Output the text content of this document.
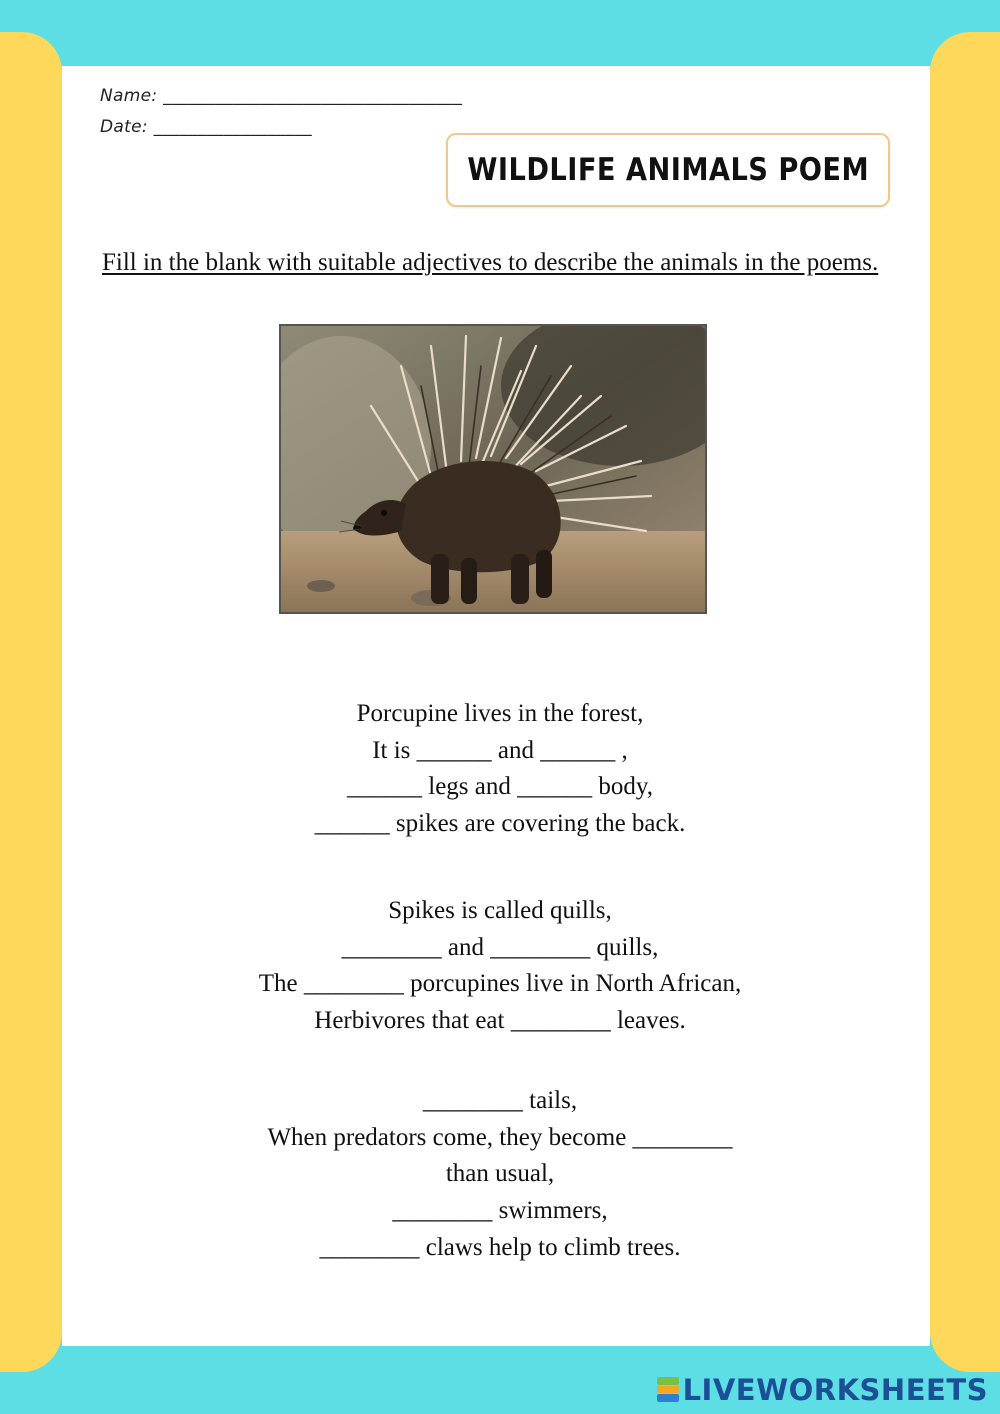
Name: __________________________________
Date: __________________
WILDLIFE ANIMALS POEM
Fill in the blank with suitable adjectives to describe the animals in the poems.

Porcupine lives in the forest,

It is ______ and ______ ,

______ legs and ______ body,

______ spikes are covering the back.

Spikes is called quills,

________ and ________ quills,

The ________ porcupines live in North African,

Herbivores that eat ________ leaves.

________ tails,

When predators come, they become ________

than usual,

________ swimmers,

________ claws help to climb trees.

LIVEWORKSHEETS
